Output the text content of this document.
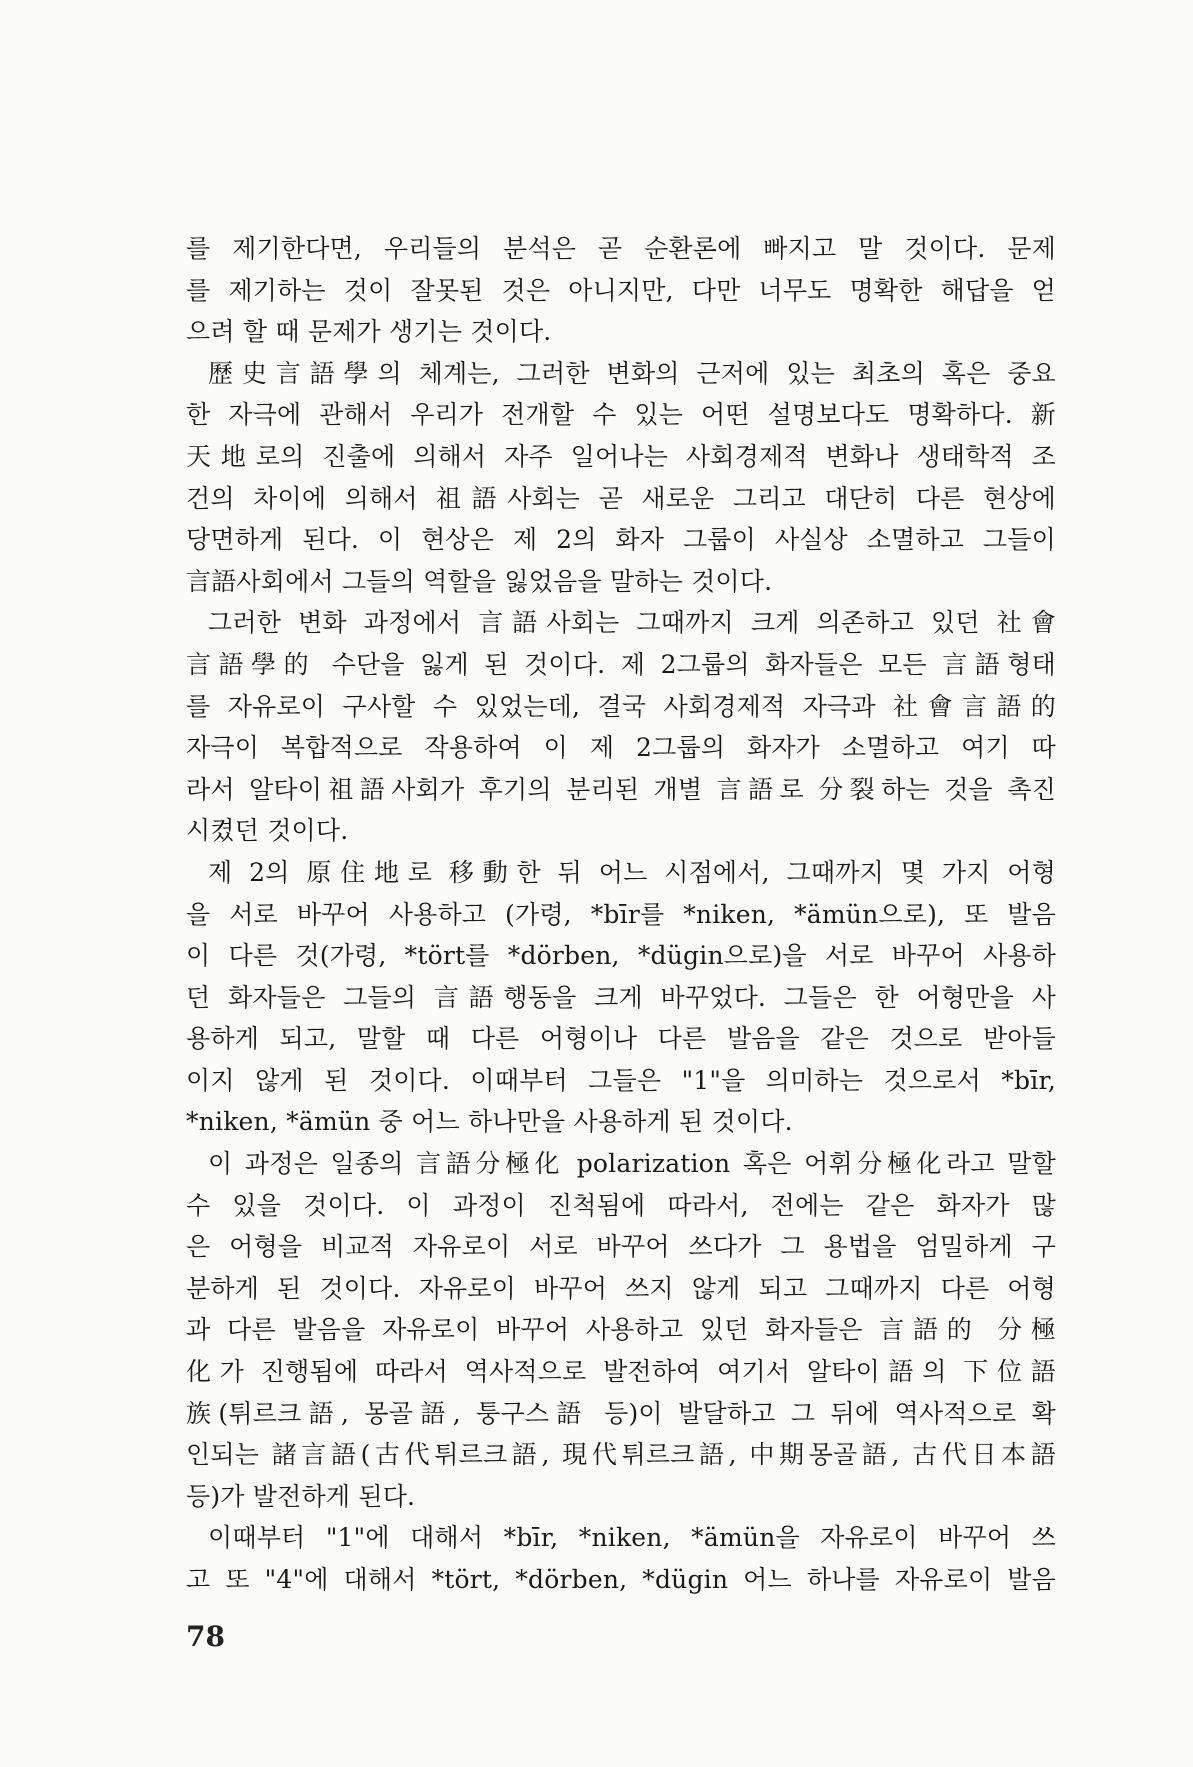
를 제기한다면, 우리들의 분석은 곧 순환론에 빠지고 말 것이다. 문제
를 제기하는 것이 잘못된 것은 아니지만, 다만 너무도 명확한 해답을 얻
으려 할 때 문제가 생기는 것이다.
歷史言語學의 체계는, 그러한 변화의 근저에 있는 최초의 혹은 중요
한 자극에 관해서 우리가 전개할 수 있는 어떤 설명보다도 명확하다. 新
天地로의 진출에 의해서 자주 일어나는 사회경제적 변화나 생태학적 조
건의 차이에 의해서 祖語사회는 곧 새로운 그리고 대단히 다른 현상에
당면하게 된다. 이 현상은 제 2의 화자 그룹이 사실상 소멸하고 그들이
言語사회에서 그들의 역할을 잃었음을 말하는 것이다.
그러한 변화 과정에서 言語사회는 그때까지 크게 의존하고 있던 社會
言語學的 수단을 잃게 된 것이다. 제 2그룹의 화자들은 모든 言語형태
를 자유로이 구사할 수 있었는데, 결국 사회경제적 자극과 社會言語的
자극이 복합적으로 작용하여 이 제 2그룹의 화자가 소멸하고 여기 따
라서 알타이祖語사회가 후기의 분리된 개별 言語로 分裂하는 것을 촉진
시켰던 것이다.
제 2의 原住地로 移動한 뒤 어느 시점에서, 그때까지 몇 가지 어형
을 서로 바꾸어 사용하고 (가령, *bīr를 *niken, *ämün으로), 또 발음
이 다른 것(가령, *tört를 *dörben, *dügin으로)을 서로 바꾸어 사용하
던 화자들은 그들의 言語행동을 크게 바꾸었다. 그들은 한 어형만을 사
용하게 되고, 말할 때 다른 어형이나 다른 발음을 같은 것으로 받아들
이지 않게 된 것이다. 이때부터 그들은 "1"을 의미하는 것으로서 *bīr,
*niken, *ämün 중 어느 하나만을 사용하게 된 것이다.
이 과정은 일종의 言語分極化 polarization 혹은 어휘分極化라고 말할
수 있을 것이다. 이 과정이 진척됨에 따라서, 전에는 같은 화자가 많
은 어형을 비교적 자유로이 서로 바꾸어 쓰다가 그 용법을 엄밀하게 구
분하게 된 것이다. 자유로이 바꾸어 쓰지 않게 되고 그때까지 다른 어형
과 다른 발음을 자유로이 바꾸어 사용하고 있던 화자들은 言語的 分極
化가 진행됨에 따라서 역사적으로 발전하여 여기서 알타이語의 下位語
族(튀르크語, 몽골語, 퉁구스語 등)이 발달하고 그 뒤에 역사적으로 확
인되는 諸言語(古代튀르크語, 現代튀르크語, 中期몽골語, 古代日本語
등)가 발전하게 된다.
이때부터 "1"에 대해서 *bīr, *niken, *ämün을 자유로이 바꾸어 쓰
고 또 "4"에 대해서 *tört, *dörben, *dügin 어느 하나를 자유로이 발음
78
